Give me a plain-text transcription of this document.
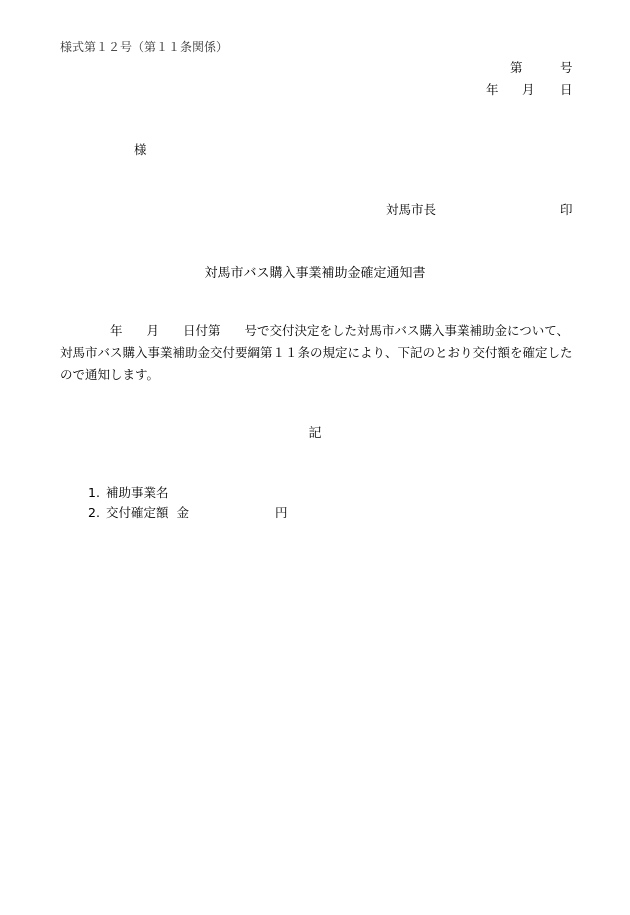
様式第１２号（第１１条関係）
第	号
年 月 日
様
対馬市長	印
対馬市バス購入事業補助金確定通知書
年 月 日付第 号で交付決定をした対馬市バス購入事業補助金について、
対馬市バス購入事業補助金交付要綱第１１条の規定により、下記のとおり交付額を確定した
ので通知します。
記
1. 補助事業名
2. 交付確定額 金	円
